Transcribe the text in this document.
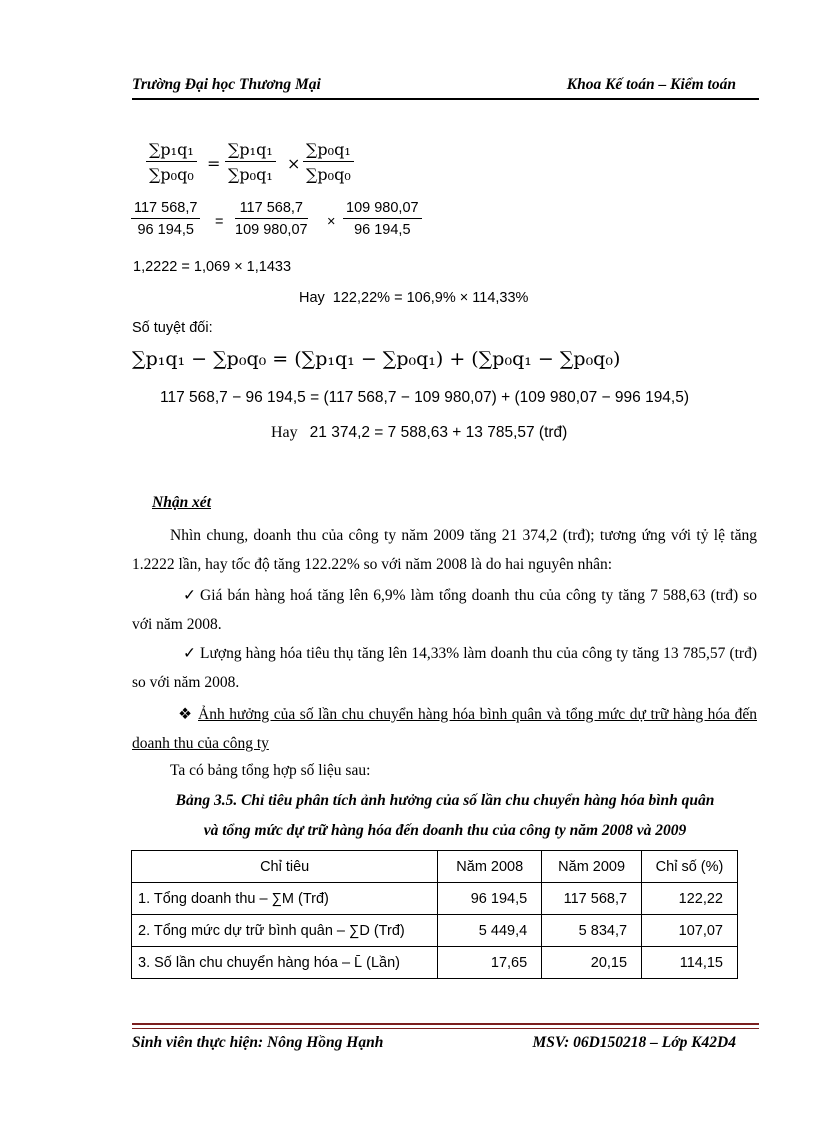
Trường Đại học Thương Mại	Khoa Kế toán – Kiểm toán
$\frac{\text{∑p₁q₁}}{\text{∑p₀q₀}} = \frac{\text{∑p₁q₁}}{\text{∑p₀q₁}} \times \frac{\text{∑p₀q₁}}{\text{∑p₀q₀}}$
$\frac{117 568,7}{96 194,5} = \frac{117 568,7}{109 980,07} \times \frac{109 980,07}{96 194,5}$
1,2222 = 1,069 × 1,1433
Hay 122,22% = 106,9% × 114,33%
Số tuyệt đối:
∑p₁q₁ − ∑p₀q₀ = (∑p₁q₁ − ∑p₀q₁) + (∑p₀q₁ − ∑p₀q₀)
117 568,7 − 96 194,5 = (117 568,7 − 109 980,07) + (109 980,07 − 996 194,5)
Hay 21 374,2 = 7 588,63 + 13 785,57 (trđ)
Nhận xét
Nhìn chung, doanh thu của công ty năm 2009 tăng 21 374,2 (trđ); tương ứng với tỷ lệ tăng 1.2222 lần, hay tốc độ tăng 122.22% so với năm 2008 là do hai nguyên nhân:
✓ Giá bán hàng hoá tăng lên 6,9% làm tổng doanh thu của công ty tăng 7 588,63 (trđ) so với năm 2008.
✓ Lượng hàng hóa tiêu thụ tăng lên 14,33% làm doanh thu của công ty tăng 13 785,57 (trđ) so với năm 2008.
❖ Ảnh hưởng của số lần chu chuyển hàng hóa bình quân và tổng mức dự trữ hàng hóa đến doanh thu của công ty
Ta có bảng tổng hợp số liệu sau:
Bảng 3.5. Chỉ tiêu phân tích ảnh hưởng của số lần chu chuyển hàng hóa bình quân
và tổng mức dự trữ hàng hóa đến doanh thu của công ty năm 2008 và 2009
Chỉ tiêu	Năm 2008	Năm 2009	Chỉ số (%)
1. Tổng doanh thu – ∑M (Trđ)	96 194,5	117 568,7	122,22
2. Tổng mức dự trữ bình quân – ∑D (Trđ)	5 449,4	5 834,7	107,07
3. Số lần chu chuyển hàng hóa – L̄ (Lần)	17,65	20,15	114,15
Sinh viên thực hiện: Nông Hồng Hạnh	MSV: 06D150218 – Lớp K42D4
